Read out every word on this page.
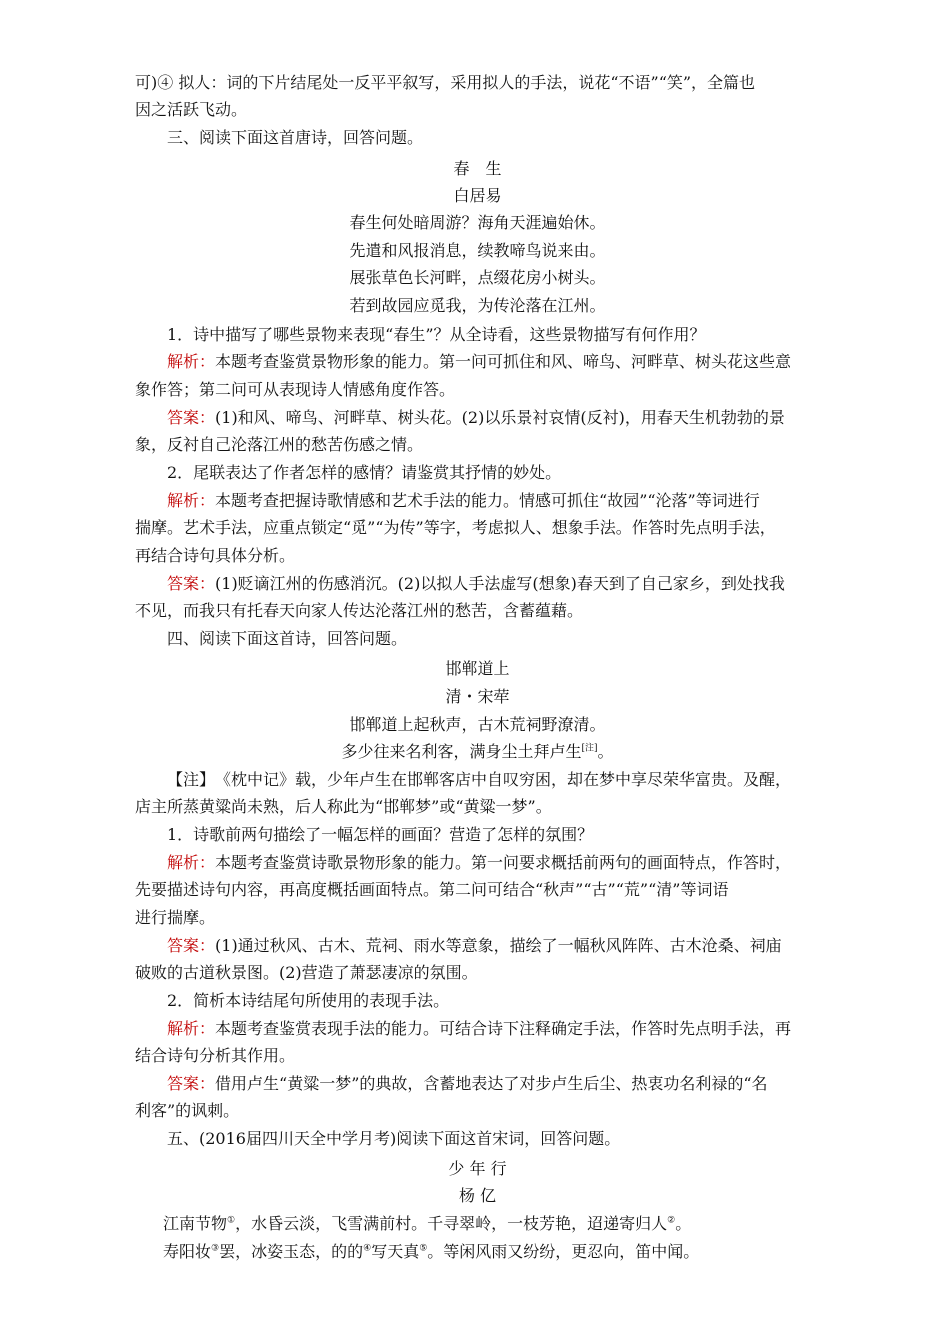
可)④ 拟人：词的下片结尾处一反平平叙写，采用拟人的手法，说花“不语”“笑”，全篇也

因之活跃飞动。

三、阅读下面这首唐诗，回答问题。

春　生

白居易

春生何处暗周游？海角天涯遍始休。

先遣和风报消息，续教啼鸟说来由。

展张草色长河畔，点缀花房小树头。

若到故园应觅我，为传沦落在江州。

1．诗中描写了哪些景物来表现“春生”？从全诗看，这些景物描写有何作用？

解析：本题考查鉴赏景物形象的能力。第一问可抓住和风、啼鸟、河畔草、树头花这些意

象作答；第二问可从表现诗人情感角度作答。

答案：(1)和风、啼鸟、河畔草、树头花。(2)以乐景衬哀情(反衬)，用春天生机勃勃的景

象，反衬自己沦落江州的愁苦伤感之情。

2．尾联表达了作者怎样的感情？请鉴赏其抒情的妙处。

解析：本题考查把握诗歌情感和艺术手法的能力。情感可抓住“故园”“沦落”等词进行

揣摩。艺术手法，应重点锁定“觅”“为传”等字，考虑拟人、想象手法。作答时先点明手法，

再结合诗句具体分析。

答案：(1)贬谪江州的伤感消沉。(2)以拟人手法虚写(想象)春天到了自己家乡，到处找我

不见，而我只有托春天向家人传达沦落江州的愁苦，含蓄蕴藉。

四、阅读下面这首诗，回答问题。

邯郸道上

清・宋荦

邯郸道上起秋声，古木荒祠野潦清。

多少往来名利客，满身尘土拜卢生[注]。

【注】　《枕中记》载，少年卢生在邯郸客店中自叹穷困，却在梦中享尽荣华富贵。及醒，

店主所蒸黄粱尚未熟，后人称此为“邯郸梦”或“黄粱一梦”。

1．诗歌前两句描绘了一幅怎样的画面？营造了怎样的氛围？

解析：本题考查鉴赏诗歌景物形象的能力。第一问要求概括前两句的画面特点，作答时，

先要描述诗句内容，再高度概括画面特点。第二问可结合“秋声”“古”“荒”“清”等词语

进行揣摩。

答案：(1)通过秋风、古木、荒祠、雨水等意象，描绘了一幅秋风阵阵、古木沧桑、祠庙

破败的古道秋景图。(2)营造了萧瑟凄凉的氛围。

2．简析本诗结尾句所使用的表现手法。

解析：本题考查鉴赏表现手法的能力。可结合诗下注释确定手法，作答时先点明手法，再

结合诗句分析其作用。

答案：借用卢生“黄粱一梦”的典故，含蓄地表达了对步卢生后尘、热衷功名利禄的“名

利客”的讽刺。

五、(2016届四川天全中学月考)阅读下面这首宋词，回答问题。

少 年 行

杨 亿

江南节物①，水昏云淡，飞雪满前村。千寻翠岭，一枝芳艳，迢递寄归人②。

寿阳妆③罢，冰姿玉态，的的④写天真⑤。等闲风雨又纷纷，更忍向，笛中闻。
